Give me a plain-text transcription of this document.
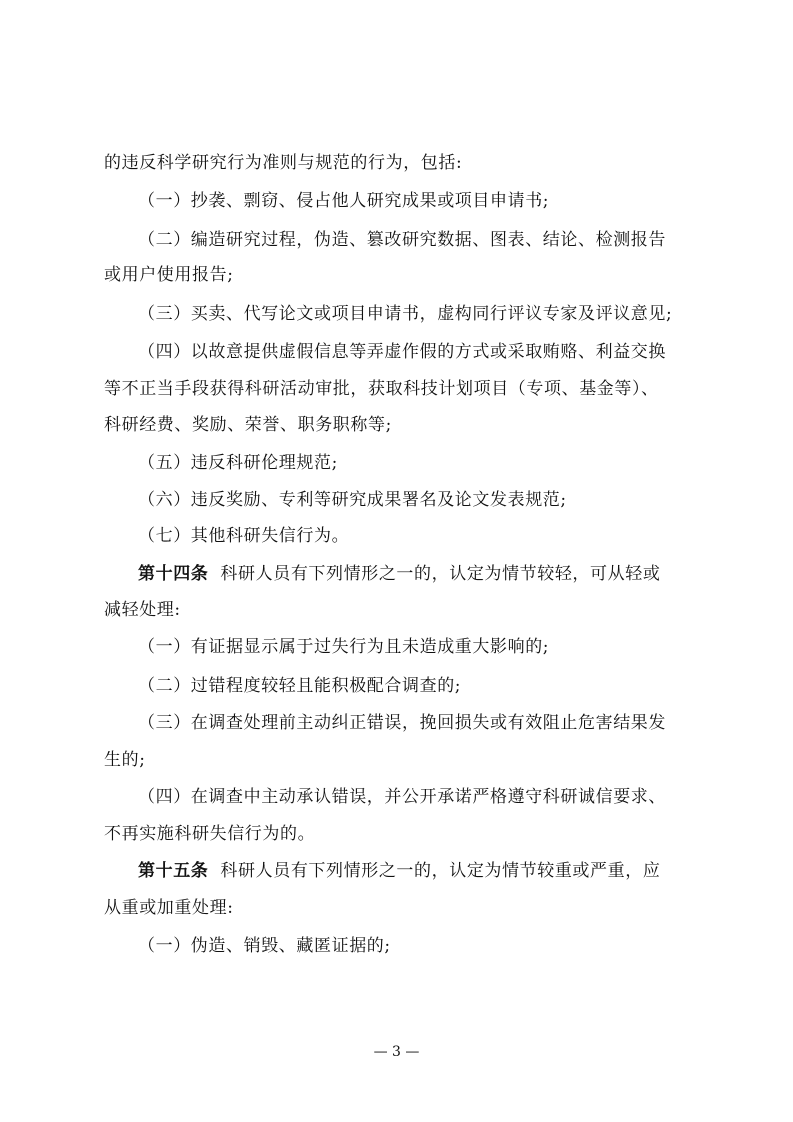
的违反科学研究行为准则与规范的行为，包括:
（一）抄袭、剽窃、侵占他人研究成果或项目申请书;
（二）编造研究过程，伪造、篡改研究数据、图表、结论、检测报告
或用户使用报告;
（三）买卖、代写论文或项目申请书，虚构同行评议专家及评议意见;
（四）以故意提供虚假信息等弄虚作假的方式或采取贿赂、利益交换
等不正当手段获得科研活动审批，获取科技计划项目（专项、基金等）、
科研经费、奖励、荣誉、职务职称等;
（五）违反科研伦理规范;
（六）违反奖励、专利等研究成果署名及论文发表规范;
（七）其他科研失信行为。
第十四条 科研人员有下列情形之一的，认定为情节较轻，可从轻或
减轻处理:
（一）有证据显示属于过失行为且未造成重大影响的;
（二）过错程度较轻且能积极配合调查的;
（三）在调查处理前主动纠正错误，挽回损失或有效阻止危害结果发
生的;
（四）在调查中主动承认错误，并公开承诺严格遵守科研诚信要求、
不再实施科研失信行为的。
第十五条 科研人员有下列情形之一的，认定为情节较重或严重，应
从重或加重处理:
（一）伪造、销毁、藏匿证据的;
— 3 —
